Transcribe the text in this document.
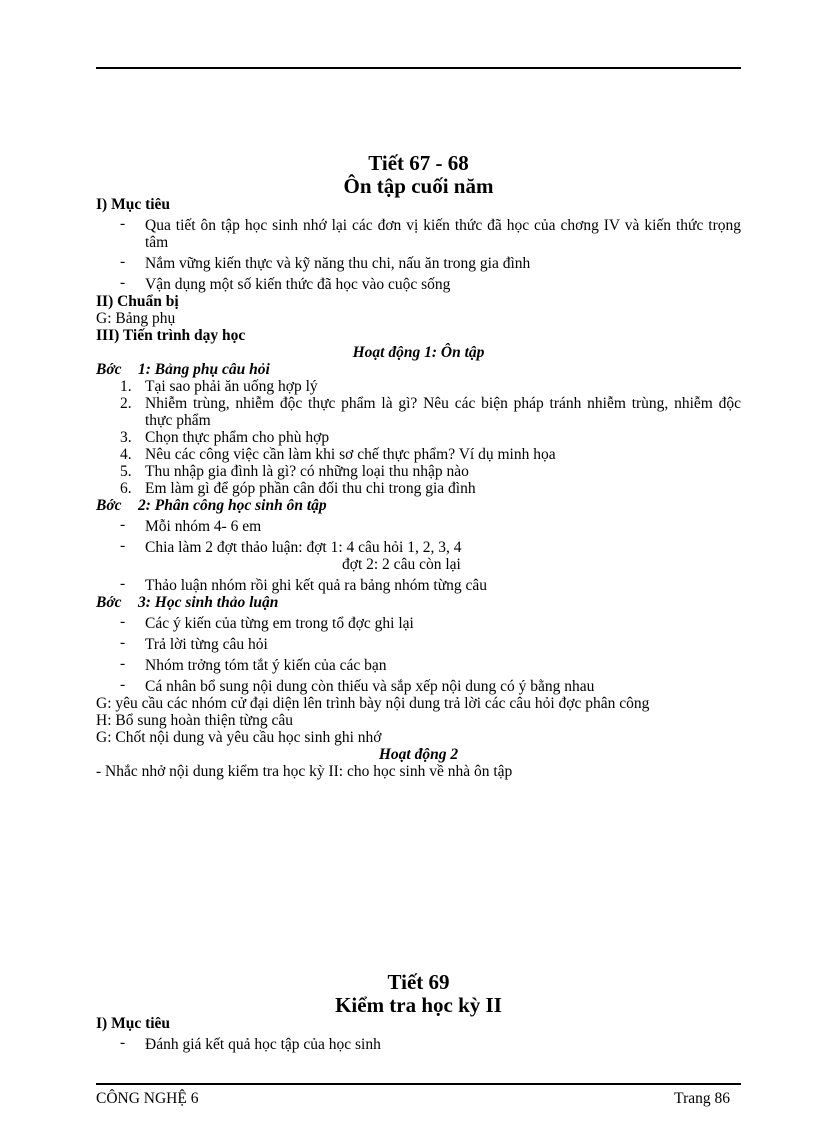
Tiết 67 - 68
Ôn tập cuối năm
I) Mục tiêu
- Qua tiết ôn tập học sinh nhớ lại các đơn vị kiến thức đã học của chơng IV và kiến thức trọng tâm
- Nắm vững kiến thực và kỹ năng thu chi, nấu ăn trong gia đình
- Vận dụng một số kiến thức đã học vào cuộc sống
II) Chuẩn bị
G: Bảng phụ
III) Tiến trình dạy học
Hoạt động 1: Ôn tập
Bớc 1: Bảng phụ câu hỏi
1. Tại sao phải ăn uống hợp lý
2. Nhiễm trùng, nhiễm độc thực phẩm là gì? Nêu các biện pháp tránh nhiễm trùng, nhiễm độc thực phẩm
3. Chọn thực phẩm cho phù hợp
4. Nêu các công việc cần làm khi sơ chế thực phẩm? Ví dụ minh họa
5. Thu nhập gia đình là gì? có những loại thu nhập nào
6. Em làm gì để góp phần cân đối thu chi trong gia đình
Bớc 2: Phân công học sinh ôn tập
- Mỗi nhóm 4- 6 em
- Chia làm 2 đợt thảo luận: đợt 1: 4 câu hỏi 1, 2, 3, 4
đợt 2: 2 câu còn lại
- Thảo luận nhóm rồi ghi kết quả ra bảng nhóm từng câu
Bớc 3: Học sinh thảo luận
- Các ý kiến của từng em trong tổ đợc ghi lại
- Trả lời từng câu hỏi
- Nhóm trởng tóm tắt ý kiến của các bạn
- Cá nhân bổ sung nội dung còn thiếu và sắp xếp nội dung có ý bằng nhau
G: yêu cầu các nhóm cử đại diện lên trình bày nội dung trả lời các câu hỏi đợc phân công
H: Bổ sung hoàn thiện từng câu
G: Chốt nội dung và yêu cầu học sinh ghi nhớ
Hoạt động 2
- Nhắc nhở nội dung kiểm tra học kỳ II: cho học sinh về nhà ôn tập
Tiết 69
Kiểm tra học kỳ II
I) Mục tiêu
- Đánh giá kết quả học tập của học sinh
CÔNG NGHỆ 6	Trang 86
